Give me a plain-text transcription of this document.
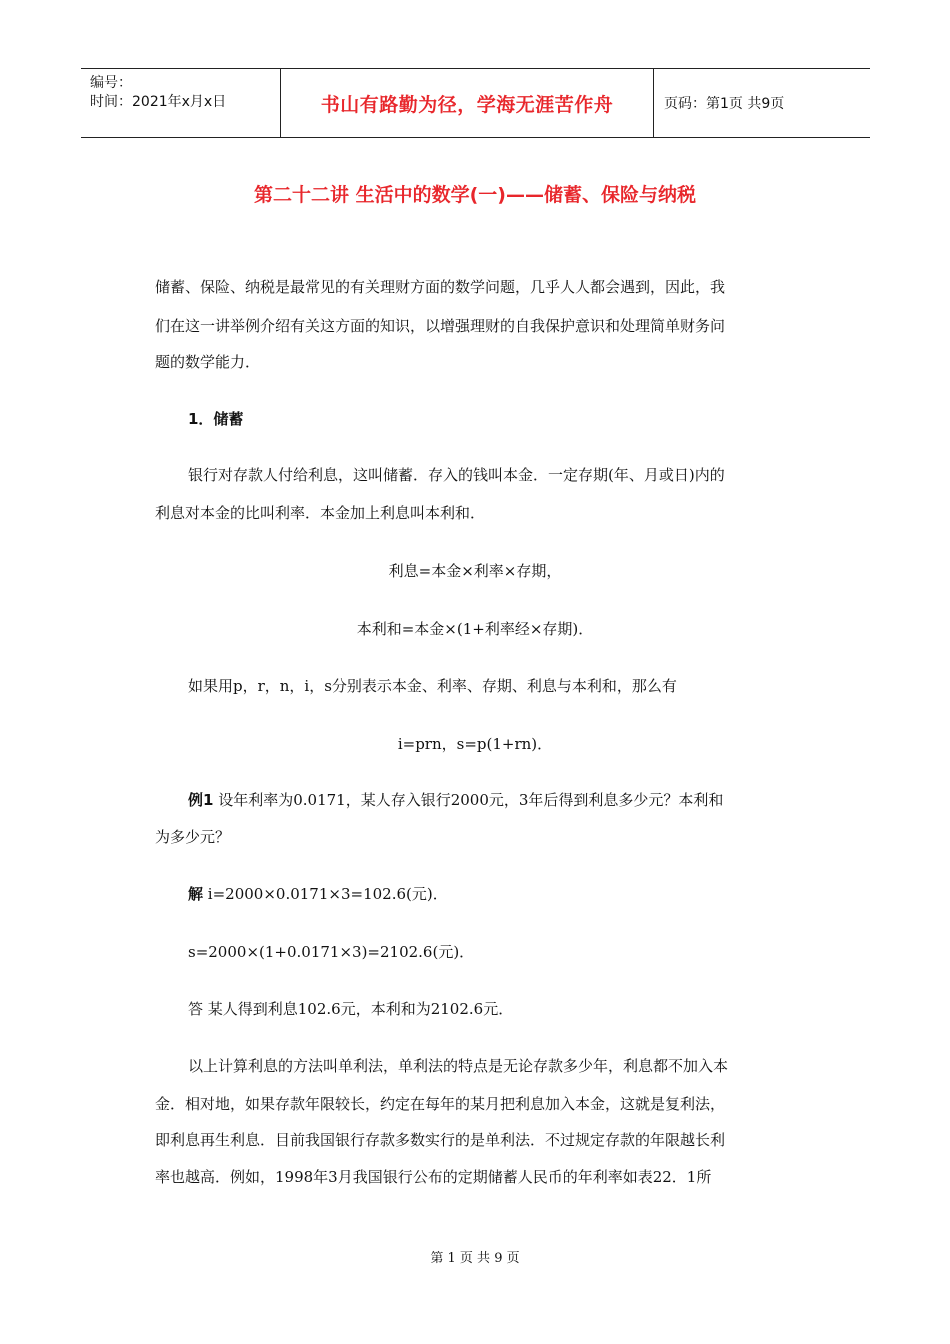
编号：
时间：2021年x月x日	书山有路勤为径，学海无涯苦作舟	页码：第1页 共9页
第二十二讲 生活中的数学(一)——储蓄、保险与纳税
储蓄、保险、纳税是最常见的有关理财方面的数学问题，几乎人人都会遇到，因此，我
们在这一讲举例介绍有关这方面的知识，以增强理财的自我保护意识和处理简单财务问
题的数学能力．
1．储蓄
银行对存款人付给利息，这叫储蓄．存入的钱叫本金．一定存期(年、月或日)内的
利息对本金的比叫利率．本金加上利息叫本利和．
利息=本金×利率×存期，
本利和=本金×(1+利率经×存期)．
如果用p，r，n，i，s分别表示本金、利率、存期、利息与本利和，那么有
i=prn，s=p(1+rn)．
例1 设年利率为0.0171，某人存入银行2000元，3年后得到利息多少元？本利和
为多少元？
解 i=2000×0.0171×3=102.6(元)．
s=2000×(1+0.0171×3)=2102.6(元)．
答 某人得到利息102.6元，本利和为2102.6元．
以上计算利息的方法叫单利法，单利法的特点是无论存款多少年，利息都不加入本
金．相对地，如果存款年限较长，约定在每年的某月把利息加入本金，这就是复利法，
即利息再生利息．目前我国银行存款多数实行的是单利法．不过规定存款的年限越长利
率也越高．例如，1998年3月我国银行公布的定期储蓄人民币的年利率如表22．1所
第 1 页 共 9 页
